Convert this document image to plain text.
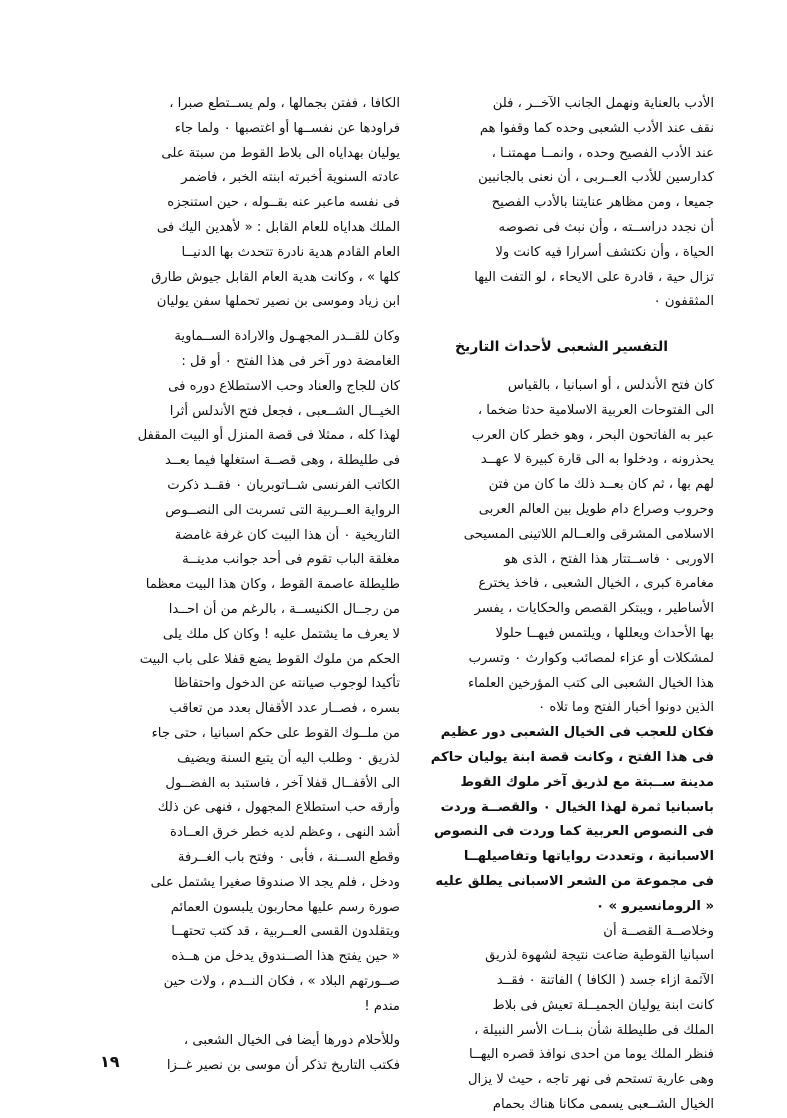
الأدب بالعناية ونهمل الجانب الآخــر ، فلن
نقف عند الأدب الشعبى وحده كما وقفوا هم
عند الأدب الفصيح وحده ، وانمــا مهمتنـا ،
كدارسين للأدب العــربى ، أن نعنى بالجانبين
جميعا ، ومن مظاهر عنايتنا بالأدب الفصيح
أن نجدد دراســته ، وأن نبث فى نصوصه
الحياة ، وأن نكتشف أسرارا فيه كانت ولا
تزال حية ، قادرة على الايحاء ، لو التفت اليها
المثقفون ٠
التفسير الشعبى لأحداث التاريخ
كان فتح الأندلس ، أو اسبانيا ، بالقياس
الى الفتوحات العربية الاسلامية حدثا ضخما ،
عبر به الفاتحون البحر ، وهو خطر كان العرب
يحذرونه ، ودخلوا به الى قارة كبيرة لا عهــد
لهم بها ، ثم كان بعــد ذلك ما كان من فتن
وحروب وصراع دام طويل بين العالم العربى
الاسلامى المشرقى والعــالم اللاتينى المسيحى
الاوربى ٠ فاســتتار هذا الفتح ، الذى هو
مغامرة كبرى ، الخيال الشعبى ، فاخذ يخترع
الأساطير ، ويبتكر القصص والحكايات ، يفسر
بها الأحداث ويعللها ، ويلتمس فيهــا حلولا
لمشكلات أو عزاء لمصائب وكوارث ٠ وتسرب
هذا الخيال الشعبى الى كتب المؤرخين العلماء
الذين دونوا أخبار الفتح وما تلاه ٠
فكان للعجب فى الخيال الشعبى دور عظيم
فى هذا الفتح ، وكانت قصة ابنة يوليان حاكم
مدينة ســبتة مع لذريق آخر ملوك القوط
باسبانيا ثمرة لهذا الخيال ٠ والقصــة وردت
فى النصوص العربية كما وردت فى النصوص
الاسبانية ، وتعددت رواياتها وتفاصيلهــا
فى مجموعة من الشعر الاسبانى يطلق عليه
« الرومانسيرو » ٠
وخلاصــة القصــة أن
اسبانيا القوطية ضاعت نتيجة لشهوة لذريق
الآثمة ازاء جسد ( الكافا ) الفاتنة ٠ فقــد
كانت ابنة يوليان الجميــلة تعيش فى بلاط
الملك فى طليطلة شأن بنــات الأسر النبيلة ،
فنظر الملك يوما من احدى نوافذ قصره اليهــا
وهى عارية تستحم فى نهر تاجه ، حيث لا يزال
الخيال الشــعبى يسمى مكانا هناك بحمام
الكافا ، ففتن بجمالها ، ولم يســتطع صبرا ،
فراودها عن نفســها أو اغتصبها ٠ ولما جاء
يوليان بهداياه الى بلاط القوط من سبتة على
عادته السنوية أخبرته ابنته الخبر ، فاضمر
فى نفسه ماعبر عنه بقــوله ، حين استنجزه
الملك هداياه للعام القابل : « لأهدين اليك فى
العام القادم هدية نادرة تتحدث بها الدنيــا
كلها » ، وكانت هدية العام القابل جيوش طارق
ابن زياد وموسى بن نصير تحملها سفن يوليان
وكان للقــدر المجهـول والارادة الســماوية
الغامضة دور آخر فى هذا الفتح ٠ أو قل :
كان للجاج والعناد وحب الاستطلاع دوره فى
الخيــال الشــعبى ، فجعل فتح الأندلس أثرا
لهذا كله ، ممثلا فى قصة المنزل أو البيت المقفل
فى طليطلة ، وهى قصــة استغلها فيما بعــد
الكاتب الفرنسى شــاتوبريان ٠ فقــد ذكرت
الرواية العــربية التى تسربت الى النصــوص
التاريخية ٠ أن هذا البيت كان غرفة غامضة
مغلقة الباب تقوم فى أحد جوانب مدينــة
طليطلة عاصمة القوط ، وكان هذا البيت معظما
من رجــال الكنيســة ، بالرغم من أن احــدا
لا يعرف ما يشتمل عليه ! وكان كل ملك يلى
الحكم من ملوك القوط يضع قفلا على باب البيت
تأكيدا لوجوب صيانته عن الدخول واحتفاظا
بسره ، فصــار عدد الأقفال بعدد من تعاقب
من ملــوك القوط على حكم اسبانيا ، حتى جاء
لذريق ٠ وطلب اليه أن يتبع السنة ويضيف
الى الأقفــال قفلا آخر ، فاستبد به الفضــول
وأرقه حب استطلاع المجهول ، فنهى عن ذلك
أشد النهى ، وعظم لديه خطر خرق العــادة
وقطع الســنة ، فأبى ٠ وفتح باب الغــرفة
ودخل ، فلم يجد الا صندوقا صغيرا يشتمل على
صورة رسم عليها محاربون يلبسون العمائم
ويتقلدون القسى العــربية ، قد كتب تحتهــا
« حين يفتح هذا الصــندوق يدخل من هــذه
صــورتهم البلاد » ، فكان النــدم ، ولات حين
مندم !
وللأحلام دورها أيضا فى الخيال الشعبى ،
فكتب التاريخ تذكر أن موسى بن نصير غــزا
١٩
